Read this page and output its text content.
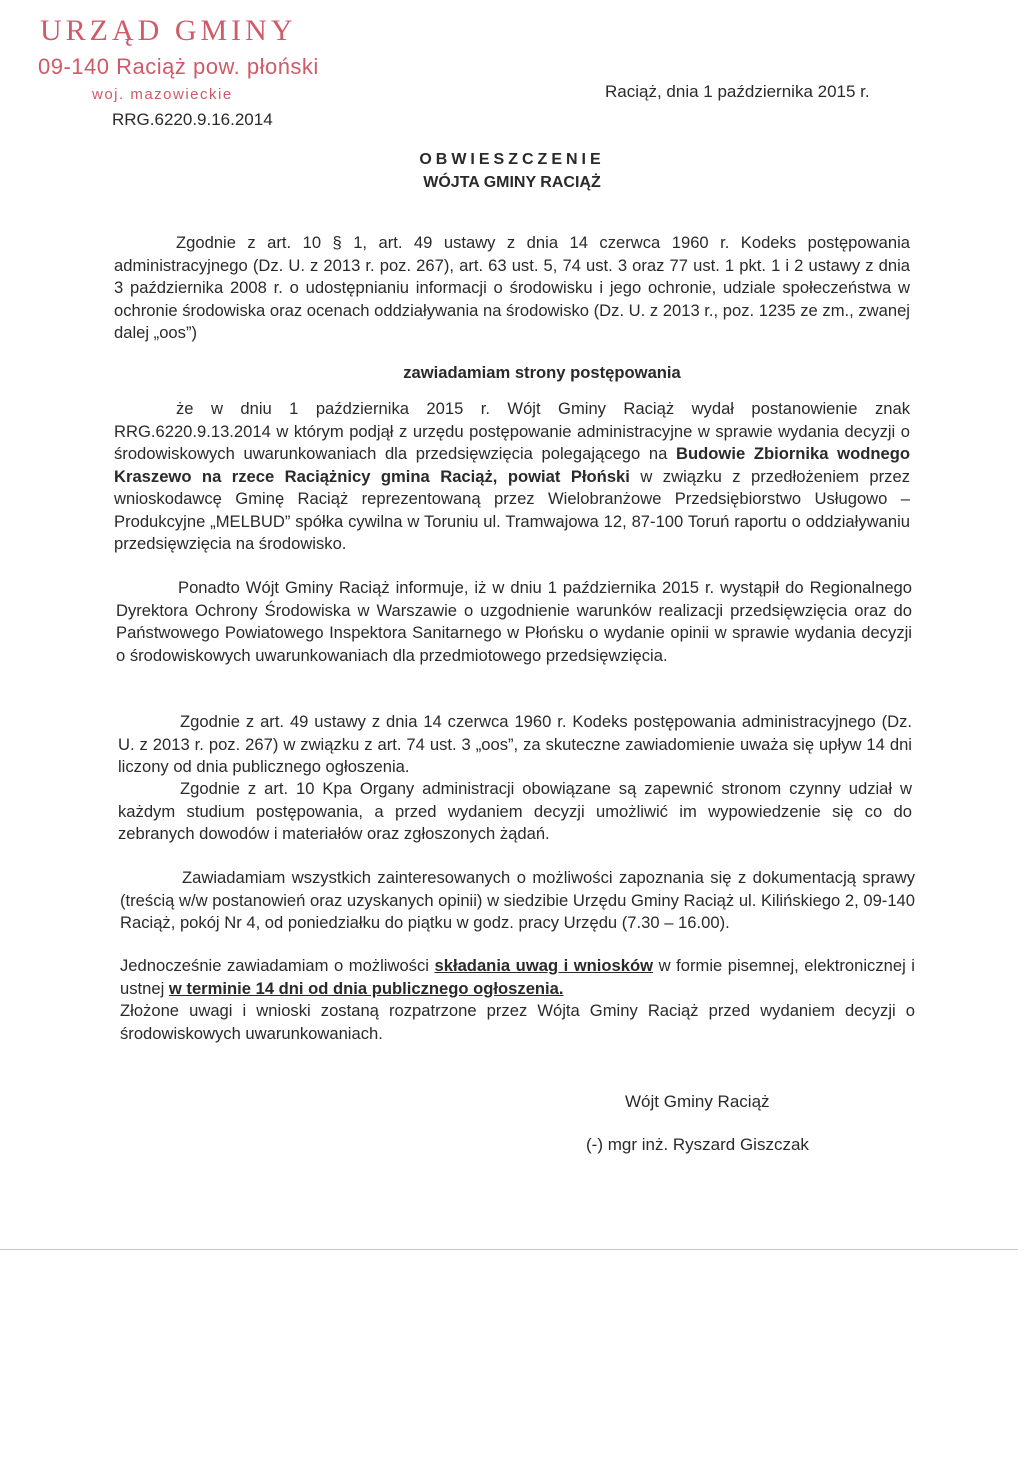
URZĄD GMINY
09-140 Raciąż pow. płoński
woj. mazowieckie
RRG.6220.9.16.2014
Raciąż, dnia 1 października 2015 r.
OBWIESZCZENIE
WÓJTA GMINY RACIĄŻ
Zgodnie z art. 10 § 1, art. 49 ustawy z dnia 14 czerwca 1960 r. Kodeks postępowania administracyjnego (Dz. U. z 2013 r. poz. 267), art. 63 ust. 5, 74 ust. 3 oraz 77 ust. 1 pkt. 1 i 2 ustawy z dnia 3 października 2008 r. o udostępnianiu informacji o środowisku i jego ochronie, udziale społeczeństwa w ochronie środowiska oraz ocenach oddziaływania na środowisko (Dz. U. z 2013 r., poz. 1235 ze zm., zwanej dalej „oos”)
zawiadamiam strony postępowania
że w dniu 1 października 2015 r. Wójt Gminy Raciąż wydał postanowienie znak RRG.6220.9.13.2014 w którym podjął z urzędu postępowanie administracyjne w sprawie wydania decyzji o środowiskowych uwarunkowaniach dla przedsięwzięcia polegającego na Budowie Zbiornika wodnego Kraszewo na rzece Raciążnicy gmina Raciąż, powiat Płoński w związku z przedłożeniem przez wnioskodawcę Gminę Raciąż reprezentowaną przez Wielobranżowe Przedsiębiorstwo Usługowo – Produkcyjne „MELBUD” spółka cywilna w Toruniu ul. Tramwajowa 12, 87-100 Toruń raportu o oddziaływaniu przedsięwzięcia na środowisko.
Ponadto Wójt Gminy Raciąż informuje, iż w dniu 1 października 2015 r. wystąpił do Regionalnego Dyrektora Ochrony Środowiska w Warszawie o uzgodnienie warunków realizacji przedsięwzięcia oraz do Państwowego Powiatowego Inspektora Sanitarnego w Płońsku o wydanie opinii w sprawie wydania decyzji o środowiskowych uwarunkowaniach dla przedmiotowego przedsięwzięcia.
Zgodnie z art. 49 ustawy z dnia 14 czerwca 1960 r. Kodeks postępowania administracyjnego (Dz. U. z 2013 r. poz. 267) w związku z art. 74 ust. 3 „oos”, za skuteczne zawiadomienie uważa się upływ 14 dni liczony od dnia publicznego ogłoszenia.
Zgodnie z art. 10 Kpa Organy administracji obowiązane są zapewnić stronom czynny udział w każdym studium postępowania, a przed wydaniem decyzji umożliwić im wypowiedzenie się co do zebranych dowodów i materiałów oraz zgłoszonych żądań.
Zawiadamiam wszystkich zainteresowanych o możliwości zapoznania się z dokumentacją sprawy (treścią w/w postanowień oraz uzyskanych opinii) w siedzibie Urzędu Gminy Raciąż ul. Kilińskiego 2, 09-140 Raciąż, pokój Nr 4, od poniedziałku do piątku w godz. pracy Urzędu (7.30 – 16.00).
Jednocześnie zawiadamiam o możliwości składania uwag i wniosków w formie pisemnej, elektronicznej i ustnej w terminie 14 dni od dnia publicznego ogłoszenia.
Złożone uwagi i wnioski zostaną rozpatrzone przez Wójta Gminy Raciąż przed wydaniem decyzji o środowiskowych uwarunkowaniach.
Wójt Gminy Raciąż
(-) mgr inż. Ryszard Giszczak
